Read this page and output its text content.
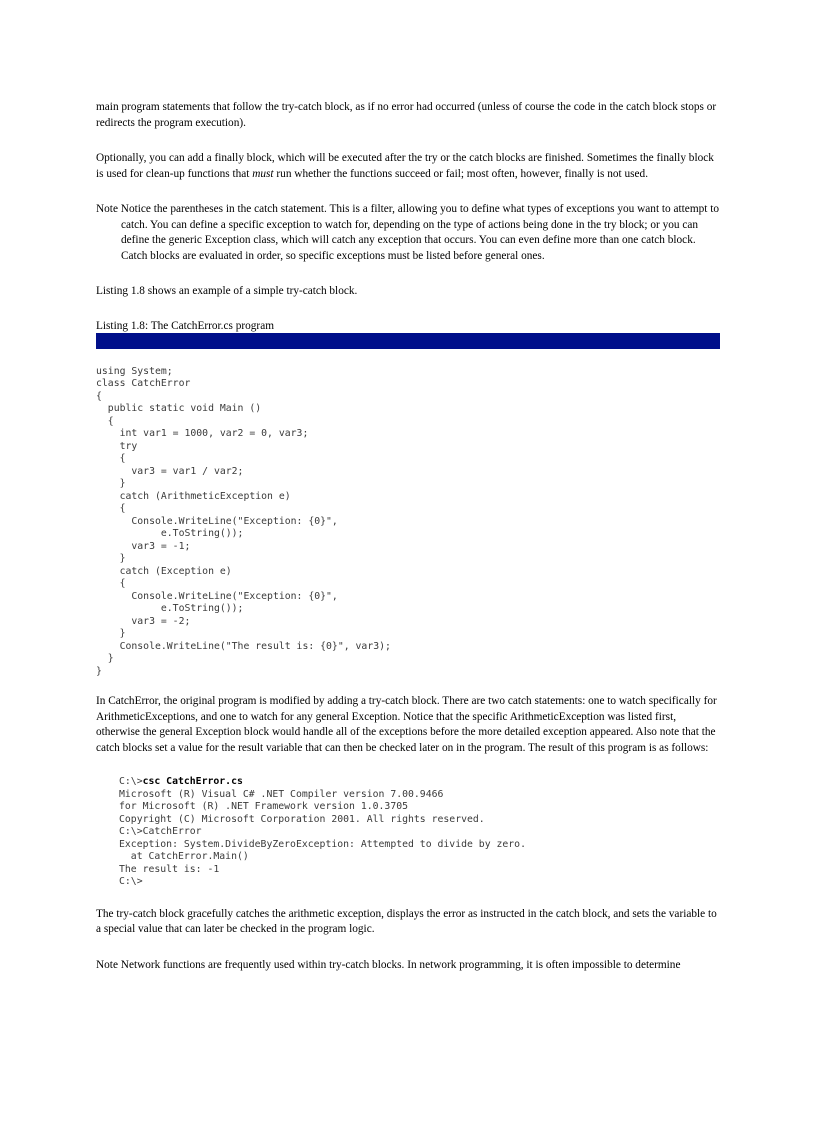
main program statements that follow the try-catch block, as if no error had occurred (unless of course the code in the catch block stops or redirects the program execution).

Optionally, you can add a finally block, which will be executed after the try or the catch blocks are finished. Sometimes the finally block is used for clean-up functions that must run whether the functions succeed or fail; most often, however, finally is not used.

Note Notice the parentheses in the catch statement. This is a filter, allowing you to define what types of exceptions you want to attempt to catch. You can define a specific exception to watch for, depending on the type of actions being done in the try block; or you can define the generic Exception class, which will catch any exception that occurs. You can even define more than one catch block. Catch blocks are evaluated in order, so specific exceptions must be listed before general ones.

Listing 1.8 shows an example of a simple try-catch block.

Listing 1.8: The CatchError.cs program

using System;
class CatchError
{
public static void Main ()
{
int var1 = 1000, var2 = 0, var3;
try
{
var3 = var1 / var2;
}
catch (ArithmeticException e)
{
Console.WriteLine("Exception: {0}",
e.ToString());
var3 = -1;
}
catch (Exception e)
{
Console.WriteLine("Exception: {0}",
e.ToString());
var3 = -2;
}
Console.WriteLine("The result is: {0}", var3);
}
}

In CatchError, the original program is modified by adding a try-catch block. There are two catch statements: one to watch specifically for ArithmeticExceptions, and one to watch for any general Exception. Notice that the specific ArithmeticException was listed first, otherwise the general Exception block would handle all of the exceptions before the more detailed exception appeared. Also note that the catch blocks set a value for the result variable that can then be checked later on in the program. The result of this program is as follows:

C:\>csc CatchError.cs
Microsoft (R) Visual C# .NET Compiler version 7.00.9466
for Microsoft (R) .NET Framework version 1.0.3705
Copyright (C) Microsoft Corporation 2001. All rights reserved.
C:\>CatchError
Exception: System.DivideByZeroException: Attempted to divide by zero.
at CatchError.Main()
The result is: -1
C:\>

The try-catch block gracefully catches the arithmetic exception, displays the error as instructed in the catch block, and sets the variable to a special value that can later be checked in the program logic.

Note Network functions are frequently used within try-catch blocks. In network programming, it is often impossible to determine
